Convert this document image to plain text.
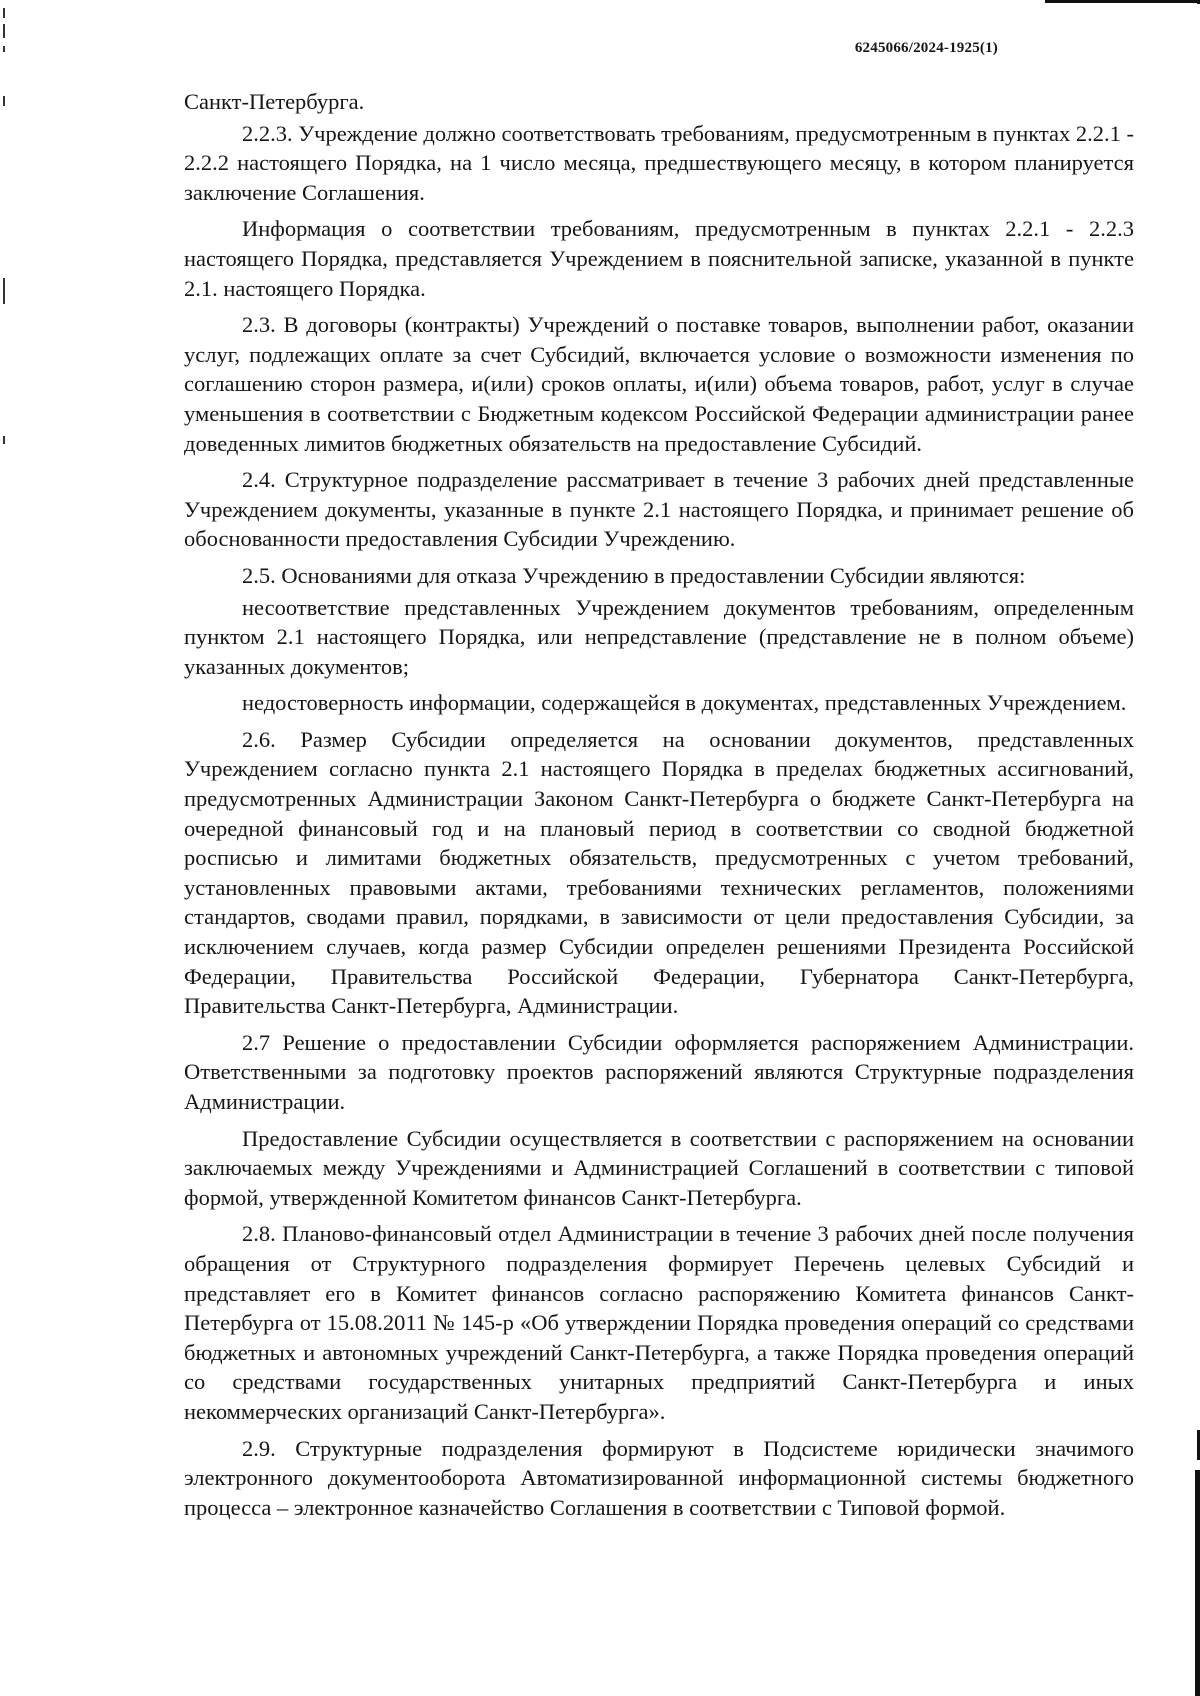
6245066/2024-1925(1)

Санкт-Петербурга.

2.2.3. Учреждение должно соответствовать требованиям, предусмотренным в пунктах 2.2.1 - 2.2.2 настоящего Порядка, на 1 число месяца, предшествующего месяцу, в котором планируется заключение Соглашения.

Информация о соответствии требованиям, предусмотренным в пунктах 2.2.1 - 2.2.3 настоящего Порядка, представляется Учреждением в пояснительной записке, указанной в пункте 2.1. настоящего Порядка.

2.3. В договоры (контракты) Учреждений о поставке товаров, выполнении работ, оказании услуг, подлежащих оплате за счет Субсидий, включается условие о возможности изменения по соглашению сторон размера, и(или) сроков оплаты, и(или) объема товаров, работ, услуг в случае уменьшения в соответствии с Бюджетным кодексом Российской Федерации администрации ранее доведенных лимитов бюджетных обязательств на предоставление Субсидий.

2.4. Структурное подразделение рассматривает в течение 3 рабочих дней представленные Учреждением документы, указанные в пункте 2.1 настоящего Порядка, и принимает решение об обоснованности предоставления Субсидии Учреждению.

2.5. Основаниями для отказа Учреждению в предоставлении Субсидии являются:

несоответствие представленных Учреждением документов требованиям, определенным пунктом 2.1 настоящего Порядка, или непредставление (представление не в полном объеме) указанных документов;

недостоверность информации, содержащейся в документах, представленных Учреждением.

2.6. Размер Субсидии определяется на основании документов, представленных Учреждением согласно пункта 2.1 настоящего Порядка в пределах бюджетных ассигнований, предусмотренных Администрации Законом Санкт-Петербурга о бюджете Санкт-Петербурга на очередной финансовый год и на плановый период в соответствии со сводной бюджетной росписью и лимитами бюджетных обязательств, предусмотренных с учетом требований, установленных правовыми актами, требованиями технических регламентов, положениями стандартов, сводами правил, порядками, в зависимости от цели предоставления Субсидии, за исключением случаев, когда размер Субсидии определен решениями Президента Российской Федерации, Правительства Российской Федерации, Губернатора Санкт-Петербурга, Правительства Санкт-Петербурга, Администрации.

2.7 Решение о предоставлении Субсидии оформляется распоряжением Администрации. Ответственными за подготовку проектов распоряжений являются Структурные подразделения Администрации.

Предоставление Субсидии осуществляется в соответствии с распоряжением на основании заключаемых между Учреждениями и Администрацией Соглашений в соответствии с типовой формой, утвержденной Комитетом финансов Санкт-Петербурга.

2.8. Планово-финансовый отдел Администрации в течение 3 рабочих дней после получения обращения от Структурного подразделения формирует Перечень целевых Субсидий и представляет его в Комитет финансов согласно распоряжению Комитета финансов Санкт-Петербурга от 15.08.2011 № 145-р «Об утверждении Порядка проведения операций со средствами бюджетных и автономных учреждений Санкт-Петербурга, а также Порядка проведения операций со средствами государственных унитарных предприятий Санкт-Петербурга и иных некоммерческих организаций Санкт-Петербурга».

2.9. Структурные подразделения формируют в Подсистеме юридически значимого электронного документооборота Автоматизированной информационной системы бюджетного процесса – электронное казначейство Соглашения в соответствии с Типовой формой.
